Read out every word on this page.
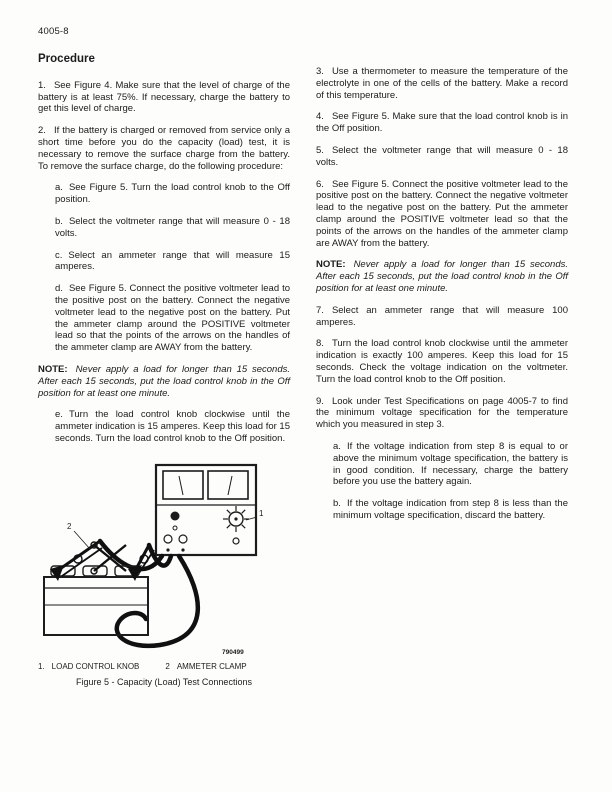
4005-8
Procedure

1. See Figure 4. Make sure that the level of charge of the battery is at least 75%. If necessary, charge the battery to get this level of charge.

2. If the battery is charged or removed from service only a short time before you do the capacity (load) test, it is necessary to remove the surface charge from the battery. To remove the surface charge, do the following procedure:

a. See Figure 5. Turn the load control knob to the Off position.

b. Select the voltmeter range that will measure 0 - 18 volts.

c. Select an ammeter range that will measure 15 amperes.

d. See Figure 5. Connect the positive voltmeter lead to the positive post on the battery. Connect the negative voltmeter lead to the negative post on the battery. Put the ammeter clamp around the POSITIVE voltmeter lead so that the points of the arrows on the handles of the ammeter clamp are AWAY from the battery.

NOTE: Never apply a load for longer than 15 seconds. After each 15 seconds, put the load control knob in the Off position for at least one minute.

e. Turn the load control knob clockwise until the ammeter indication is 15 amperes. Keep this load for 15 seconds. Turn the load control knob to the Off position.

1
2
790499
1. LOAD CONTROL KNOB	2 AMMETER CLAMP
Figure 5 - Capacity (Load) Test Connections

3. Use a thermometer to measure the temperature of the electrolyte in one of the cells of the battery. Make a record of this temperature.

4. See Figure 5. Make sure that the load control knob is in the Off position.

5. Select the voltmeter range that will measure 0 - 18 volts.

6. See Figure 5. Connect the positive voltmeter lead to the positive post on the battery. Connect the negative voltmeter lead to the negative post on the battery. Put the ammeter clamp around the POSITIVE voltmeter lead so that the points of the arrows on the handles of the ammeter clamp are AWAY from the battery.

NOTE: Never apply a load for longer than 15 seconds. After each 15 seconds, put the load control knob in the Off position for at least one minute.

7. Select an ammeter range that will measure 100 amperes.

8. Turn the load control knob clockwise until the ammeter indication is exactly 100 amperes. Keep this load for 15 seconds. Check the voltage indication on the voltmeter. Turn the load control knob to the Off position.

9. Look under Test Specifications on page 4005-7 to find the minimum voltage specification for the temperature which you measured in step 3.

a. If the voltage indication from step 8 is equal to or above the minimum voltage specification, the battery is in good condition. If necessary, charge the battery before you use the battery again.

b. If the voltage indication from step 8 is less than the minimum voltage specification, discard the battery.
